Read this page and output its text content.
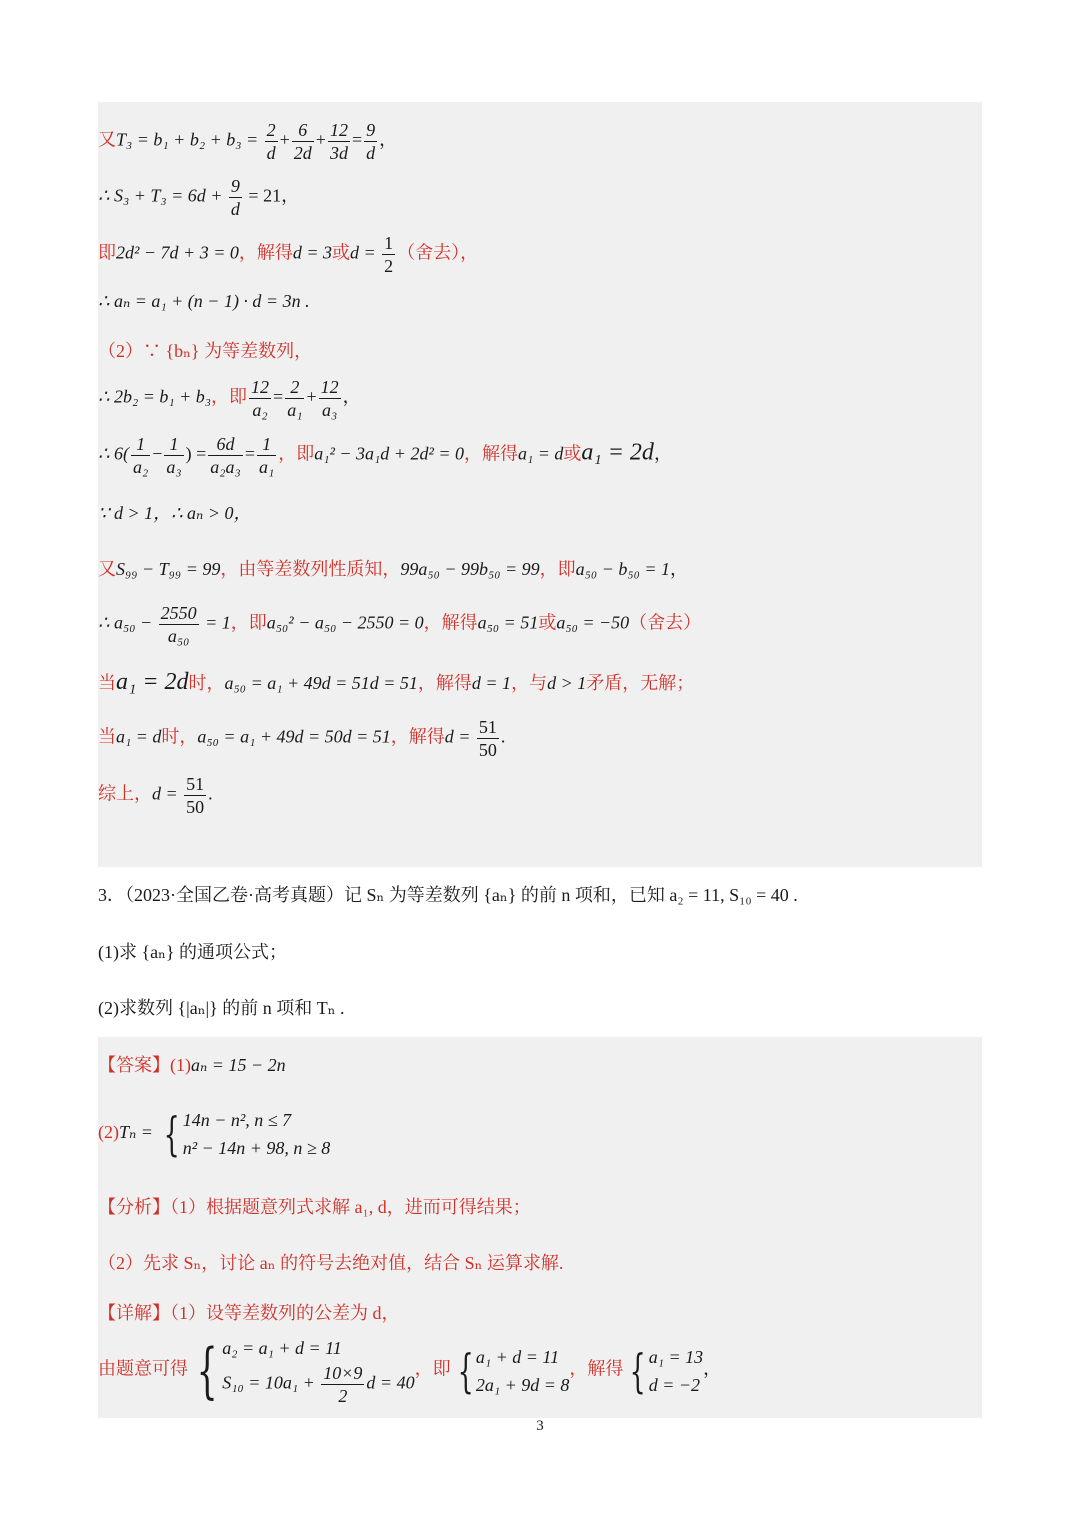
又$T_3 = b_1 + b_2 + b_3 = \frac{2}{d} + \frac{6}{2d} + \frac{12}{3d} = \frac{9}{d}$ ，
∴ $S_3 + T_3 = 6d + \frac{9}{d} = 21$，
即2d² − 7d + 3 = 0，解得d = 3或$d = \frac{1}{2}$ （舍去），
∴ aₙ = a₁ + (n − 1) · d = 3n .
（2）∵ {bₙ} 为等差数列，
∴ 2b₂ = b₁ + b₃，即 $\frac{12}{\text{a₂}} = \frac{2}{\text{a₁}} + \frac{12}{\text{a₃}}$ ，
∴ $6( \frac{1}{\text{a₂}} - \frac{1}{\text{a₃}}$ ) = $\frac{6d}{\text{a₂a₃}} = \frac{1}{\text{a₁}}$ ，即a₁² − 3a₁d + 2d² = 0，解得a₁ = d或a₁ = 2d，
∵ d > 1，∴ aₙ > 0，
又S₉₉ − T₉₉ = 99，由等差数列性质知，99a₅₀ − 99b₅₀ = 99，即a₅₀ − b₅₀ = 1，
∴ $a_{50} - \frac{2550}{\text{a₅₀}} = 1$，即a₅₀² − a₅₀ − 2550 = 0，解得a₅₀ = 51或a₅₀ = −50（舍去）
当a₁ = 2d时，a₅₀ = a₁ + 49d = 51d = 51，解得d = 1，与d > 1矛盾，无解；
当a₁ = d时，a₅₀ = a₁ + 49d = 50d = 51，解得$d = \frac{51}{50}$ .
综上，$d = \frac{51}{50}$ .
3．（2023·全国乙卷·高考真题）记 Sₙ 为等差数列 {aₙ} 的前 n 项和，已知 a₂ = 11, S₁₀ = 40 .
(1)求 {aₙ} 的通项公式；
(2)求数列 {|aₙ|} 的前 n 项和 Tₙ .
【答案】(1)aₙ = 15 − 2n
(2)Tₙ = { 14n − n², n ≤ 7
n² − 14n + 98, n ≥ 8
【分析】（1）根据题意列式求解 a₁, d，进而可得结果；
（2）先求 Sₙ，讨论 aₙ 的符号去绝对值，结合 Sₙ 运算求解.
【详解】（1）设等差数列的公差为 d，
由题意可得 { a₂ = a₁ + d = 11
$S_{10} = 10a_1 + \frac{10\times 9}{2}$ d = 40
，即 { a₁ + d = 11
2a₁ + 9d = 8
，解得 { a₁ = 13
d = −2
，
3
